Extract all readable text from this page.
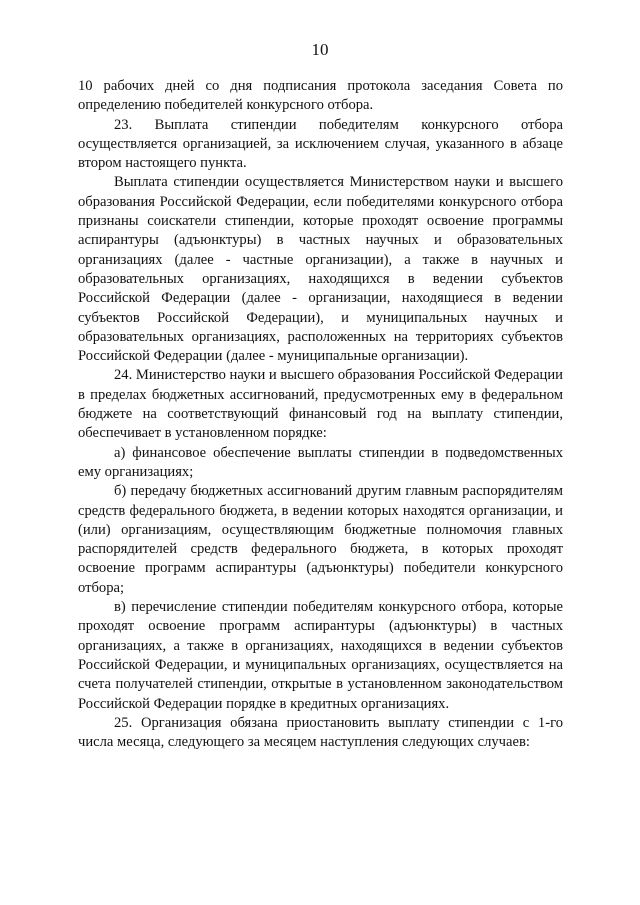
10

10 рабочих дней со дня подписания протокола заседания Совета по определению победителей конкурсного отбора.

23. Выплата стипендии победителям конкурсного отбора осуществляется организацией, за исключением случая, указанного в абзаце втором настоящего пункта.

Выплата стипендии осуществляется Министерством науки и высшего образования Российской Федерации, если победителями конкурсного отбора признаны соискатели стипендии, которые проходят освоение программы аспирантуры (адъюнктуры) в частных научных и образовательных организациях (далее - частные организации), а также в научных и образовательных организациях, находящихся в ведении субъектов Российской Федерации (далее - организации, находящиеся в ведении субъектов Российской Федерации), и муниципальных научных и образовательных организациях, расположенных на территориях субъектов Российской Федерации (далее - муниципальные организации).

24. Министерство науки и высшего образования Российской Федерации в пределах бюджетных ассигнований, предусмотренных ему в федеральном бюджете на соответствующий финансовый год на выплату стипендии, обеспечивает в установленном порядке:

а) финансовое обеспечение выплаты стипендии в подведомственных ему организациях;

б) передачу бюджетных ассигнований другим главным распорядителям средств федерального бюджета, в ведении которых находятся организации, и (или) организациям, осуществляющим бюджетные полномочия главных распорядителей средств федерального бюджета, в которых проходят освоение программ аспирантуры (адъюнктуры) победители конкурсного отбора;

в) перечисление стипендии победителям конкурсного отбора, которые проходят освоение программ аспирантуры (адъюнктуры) в частных организациях, а также в организациях, находящихся в ведении субъектов Российской Федерации, и муниципальных организациях, осуществляется на счета получателей стипендии, открытые в установленном законодательством Российской Федерации порядке в кредитных организациях.

25. Организация обязана приостановить выплату стипендии с 1-го числа месяца, следующего за месяцем наступления следующих случаев:
